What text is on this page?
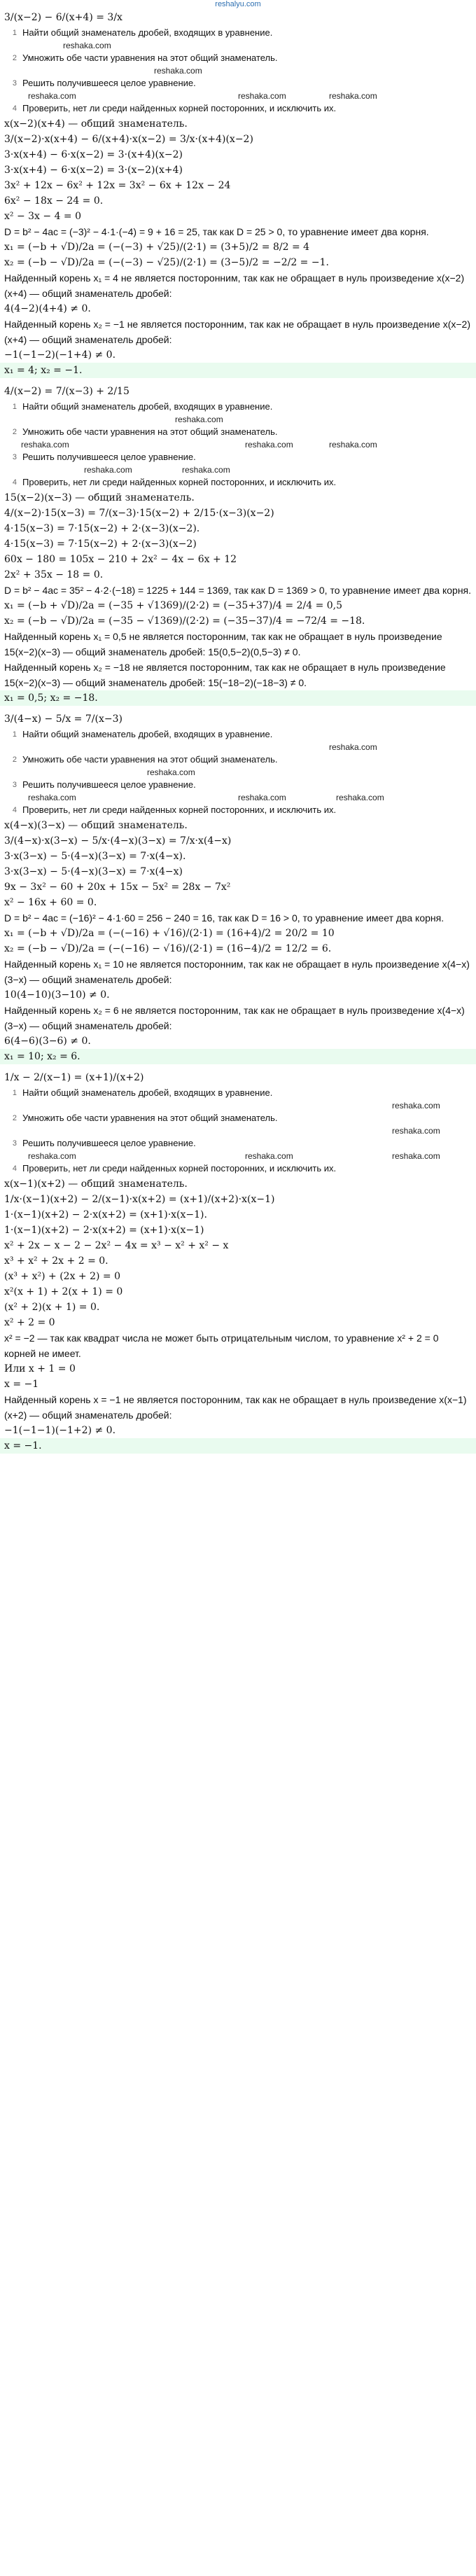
reshalyu.com
3/(x−2) − 6/(x+4) = 3/x
1 Найти общий знаменатель дробей, входящих в уравнение.
reshaka.com
2 Умножить обе части уравнения на этот общий знаменатель.
reshaka.com
3 Решить получившееся целое уравнение.
reshaka.com	reshaka.com	reshaka.com
4 Проверить, нет ли среди найденных корней посторонних, и исключить их.
x(x−2)(x+4) — общий знаменатель.
3/(x−2)·x(x+4) − 6/(x+4)·x(x−2) = 3/x·(x+4)(x−2)
3·x(x+4) − 6·x(x−2) = 3·(x+4)(x−2)
3·x(x+4) − 6·x(x−2) = 3·(x−2)(x+4)
3x² + 12x − 6x² + 12x = 3x² − 6x + 12x − 24
6x² − 18x − 24 = 0.
x² − 3x − 4 = 0
D = b² − 4ac = (−3)² − 4·1·(−4) = 9 + 16 = 25, так как D = 25 > 0, то уравнение имеет два корня.
x₁ = (−b + √D)/2a = (−(−3) + √25)/(2·1) = (3+5)/2 = 8/2 = 4
x₂ = (−b − √D)/2a = (−(−3) − √25)/(2·1) = (3−5)/2 = −2/2 = −1.
Найденный корень x₁ = 4 не является посторонним, так как не обращает в нуль произведение x(x−2)(x+4) — общий знаменатель дробей:
4(4−2)(4+4) ≠ 0.
Найденный корень x₂ = −1 не является посторонним, так как не обращает в нуль произведение x(x−2)(x+4) — общий знаменатель дробей:
−1(−1−2)(−1+4) ≠ 0.
x₁ = 4; x₂ = −1.
4/(x−2) = 7/(x−3) + 2/15
1 Найти общий знаменатель дробей, входящих в уравнение.
reshaka.com
2 Умножить обе части уравнения на этот общий знаменатель.
reshaka.com	reshaka.com	reshaka.com
3 Решить получившееся целое уравнение.
reshaka.com	reshaka.com
4 Проверить, нет ли среди найденных корней посторонних, и исключить их.
15(x−2)(x−3) — общий знаменатель.
4/(x−2)·15(x−3) = 7/(x−3)·15(x−2) + 2/15·(x−3)(x−2)
4·15(x−3) = 7·15(x−2) + 2·(x−3)(x−2).
4·15(x−3) = 7·15(x−2) + 2·(x−3)(x−2)
60x − 180 = 105x − 210 + 2x² − 4x − 6x + 12
2x² + 35x − 18 = 0.
D = b² − 4ac = 35² − 4·2·(−18) = 1225 + 144 = 1369, так как D = 1369 > 0, то уравнение имеет два корня.
x₁ = (−b + √D)/2a = (−35 + √1369)/(2·2) = (−35+37)/4 = 2/4 = 0,5
x₂ = (−b − √D)/2a = (−35 − √1369)/(2·2) = (−35−37)/4 = −72/4 = −18.
Найденный корень x₁ = 0,5 не является посторонним, так как не обращает в нуль произведение 15(x−2)(x−3) — общий знаменатель дробей: 15(0,5−2)(0,5−3) ≠ 0.
Найденный корень x₂ = −18 не является посторонним, так как не обращает в нуль произведение 15(x−2)(x−3) — общий знаменатель дробей: 15(−18−2)(−18−3) ≠ 0.
x₁ = 0,5; x₂ = −18.
3/(4−x) − 5/x = 7/(x−3)
1 Найти общий знаменатель дробей, входящих в уравнение.
reshaka.com
2 Умножить обе части уравнения на этот общий знаменатель.
reshaka.com
3 Решить получившееся целое уравнение.
reshaka.com	reshaka.com	reshaka.com
4 Проверить, нет ли среди найденных корней посторонних, и исключить их.
x(4−x)(3−x) — общий знаменатель.
3/(4−x)·x(3−x) − 5/x·(4−x)(3−x) = 7/x·x(4−x)
3·x(3−x) − 5·(4−x)(3−x) = 7·x(4−x).
3·x(3−x) − 5·(4−x)(3−x) = 7·x(4−x)
9x − 3x² − 60 + 20x + 15x − 5x² = 28x − 7x²
x² − 16x + 60 = 0.
D = b² − 4ac = (−16)² − 4·1·60 = 256 − 240 = 16, так как D = 16 > 0, то уравнение имеет два корня.
x₁ = (−b + √D)/2a = (−(−16) + √16)/(2·1) = (16+4)/2 = 20/2 = 10
x₂ = (−b − √D)/2a = (−(−16) − √16)/(2·1) = (16−4)/2 = 12/2 = 6.
Найденный корень x₁ = 10 не является посторонним, так как не обращает в нуль произведение x(4−x)(3−x) — общий знаменатель дробей:
10(4−10)(3−10) ≠ 0.
Найденный корень x₂ = 6 не является посторонним, так как не обращает в нуль произведение x(4−x)(3−x) — общий знаменатель дробей:
6(4−6)(3−6) ≠ 0.
x₁ = 10; x₂ = 6.
1/x − 2/(x−1) = (x+1)/(x+2)
1 Найти общий знаменатель дробей, входящих в уравнение.
reshaka.com
2 Умножить обе части уравнения на этот общий знаменатель.
reshaka.com
3 Решить получившееся целое уравнение.
reshaka.com	reshaka.com	reshaka.com
4 Проверить, нет ли среди найденных корней посторонних, и исключить их.
x(x−1)(x+2) — общий знаменатель.
1/x·(x−1)(x+2) − 2/(x−1)·x(x+2) = (x+1)/(x+2)·x(x−1)
1·(x−1)(x+2) − 2·x(x+2) = (x+1)·x(x−1).
1·(x−1)(x+2) − 2·x(x+2) = (x+1)·x(x−1)
x² + 2x − x − 2 − 2x² − 4x = x³ − x² + x² − x
x³ + x² + 2x + 2 = 0.
(x³ + x²) + (2x + 2) = 0
x²(x + 1) + 2(x + 1) = 0
(x² + 2)(x + 1) = 0.
x² + 2 = 0
x² = −2 — так как квадрат числа не может быть отрицательным числом, то уравнение x² + 2 = 0 корней не имеет.
Или x + 1 = 0
x = −1
Найденный корень x = −1 не является посторонним, так как не обращает в нуль произведение x(x−1)(x+2) — общий знаменатель дробей:
−1(−1−1)(−1+2) ≠ 0.
x = −1.
